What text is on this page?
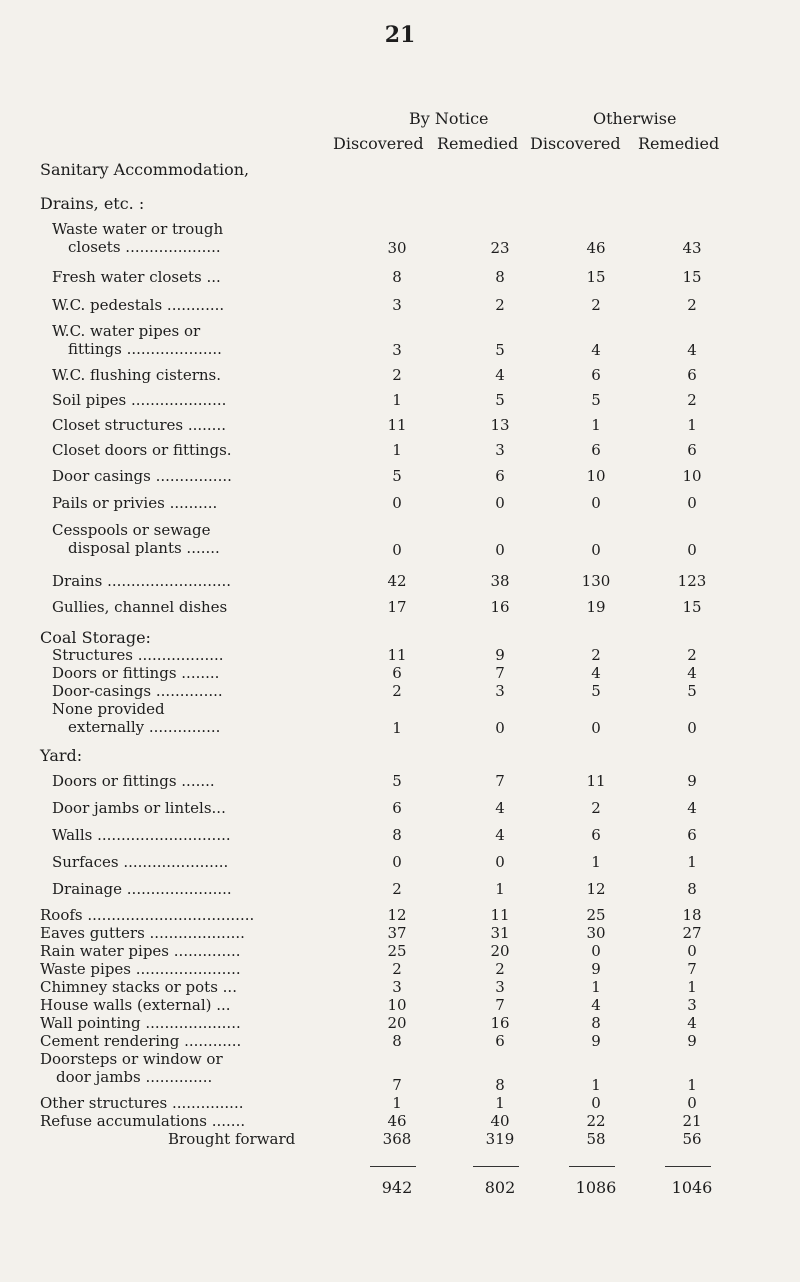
21
By Notice	Otherwise
Discovered Remedied Discovered Remedied
Sanitary Accommodation,
Drains, etc. :
Coal Storage:
Yard:
Waste water or trough
closets ....................	30	23	46	43
Fresh water closets ...	8	8	15	15
W.C. pedestals ............	3	2	2	2
W.C. water pipes or
fittings ....................	3	5	4	4
W.C. flushing cisterns.	2	4	6	6
Soil pipes ....................	1	5	5	2
Closet structures ........	11	13	1	1
Closet doors or fittings.	1	3	6	6
Door casings ................	5	6	10	10
Pails or privies ..........	0	0	0	0
Cesspools or sewage
disposal plants .......	0	0	0	0
Drains ..........................	42	38	130	123
Gullies, channel dishes	17	16	19	15
Structures ..................	11	9	2	2
Doors or fittings ........	6	7	4	4
Door-casings ..............	2	3	5	5
None provided
externally ...............	1	0	0	0
Doors or fittings .......	5	7	11	9
Door jambs or lintels...	6	4	2	4
Walls ............................	8	4	6	6
Surfaces ......................	0	0	1	1
Drainage ......................	2	1	12	8
Roofs ...................................	12	11	25	18
Eaves gutters ....................	37	31	30	27
Rain water pipes ..............	25	20	0	0
Waste pipes ......................	2	2	9	7
Chimney stacks or pots ...	3	3	1	1
House walls (external) ...	10	7	4	3
Wall pointing ....................	20	16	8	4
Cement rendering ............	8	6	9	9
Doorsteps or window or
door jambs ..............	7	8	1	1
Other structures ...............	1	1	0	0
Refuse accumulations .......	46	40	22	21
Brought forward	368	319	58	56
942	802	1086	1046
